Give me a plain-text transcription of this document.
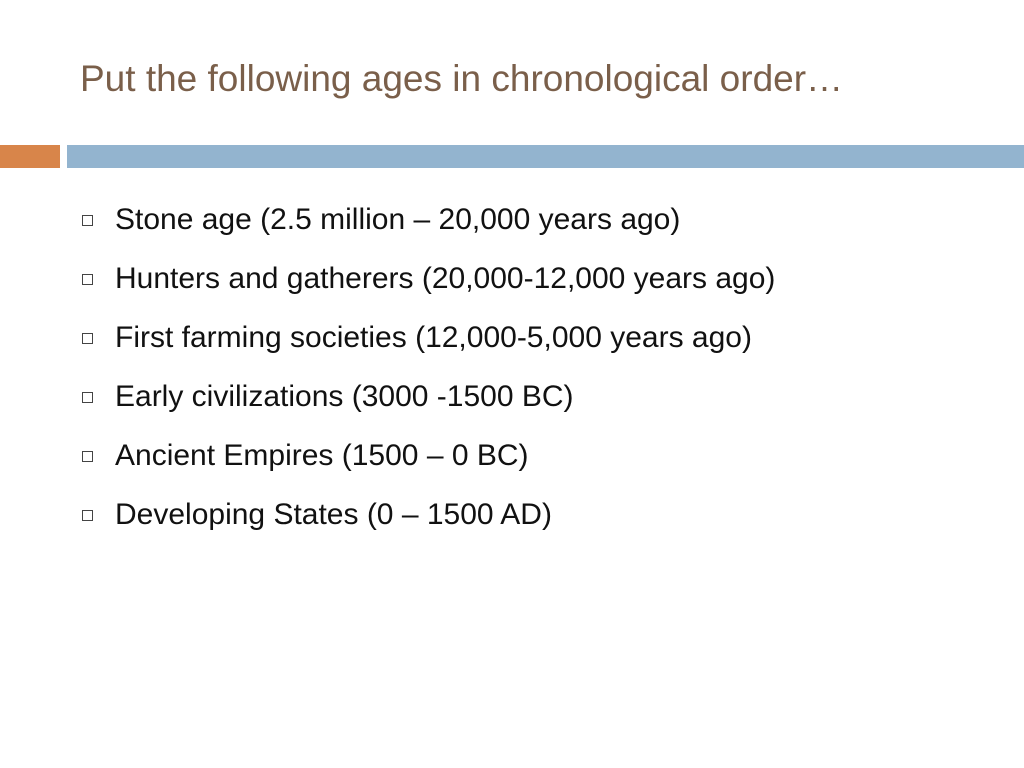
Put the following ages in chronological order…
Stone age (2.5 million – 20,000 years ago)
Hunters and gatherers (20,000-12,000 years ago)
First farming societies (12,000-5,000 years ago)
Early civilizations (3000 -1500 BC)
Ancient Empires (1500 – 0 BC)
Developing States (0 – 1500 AD)
